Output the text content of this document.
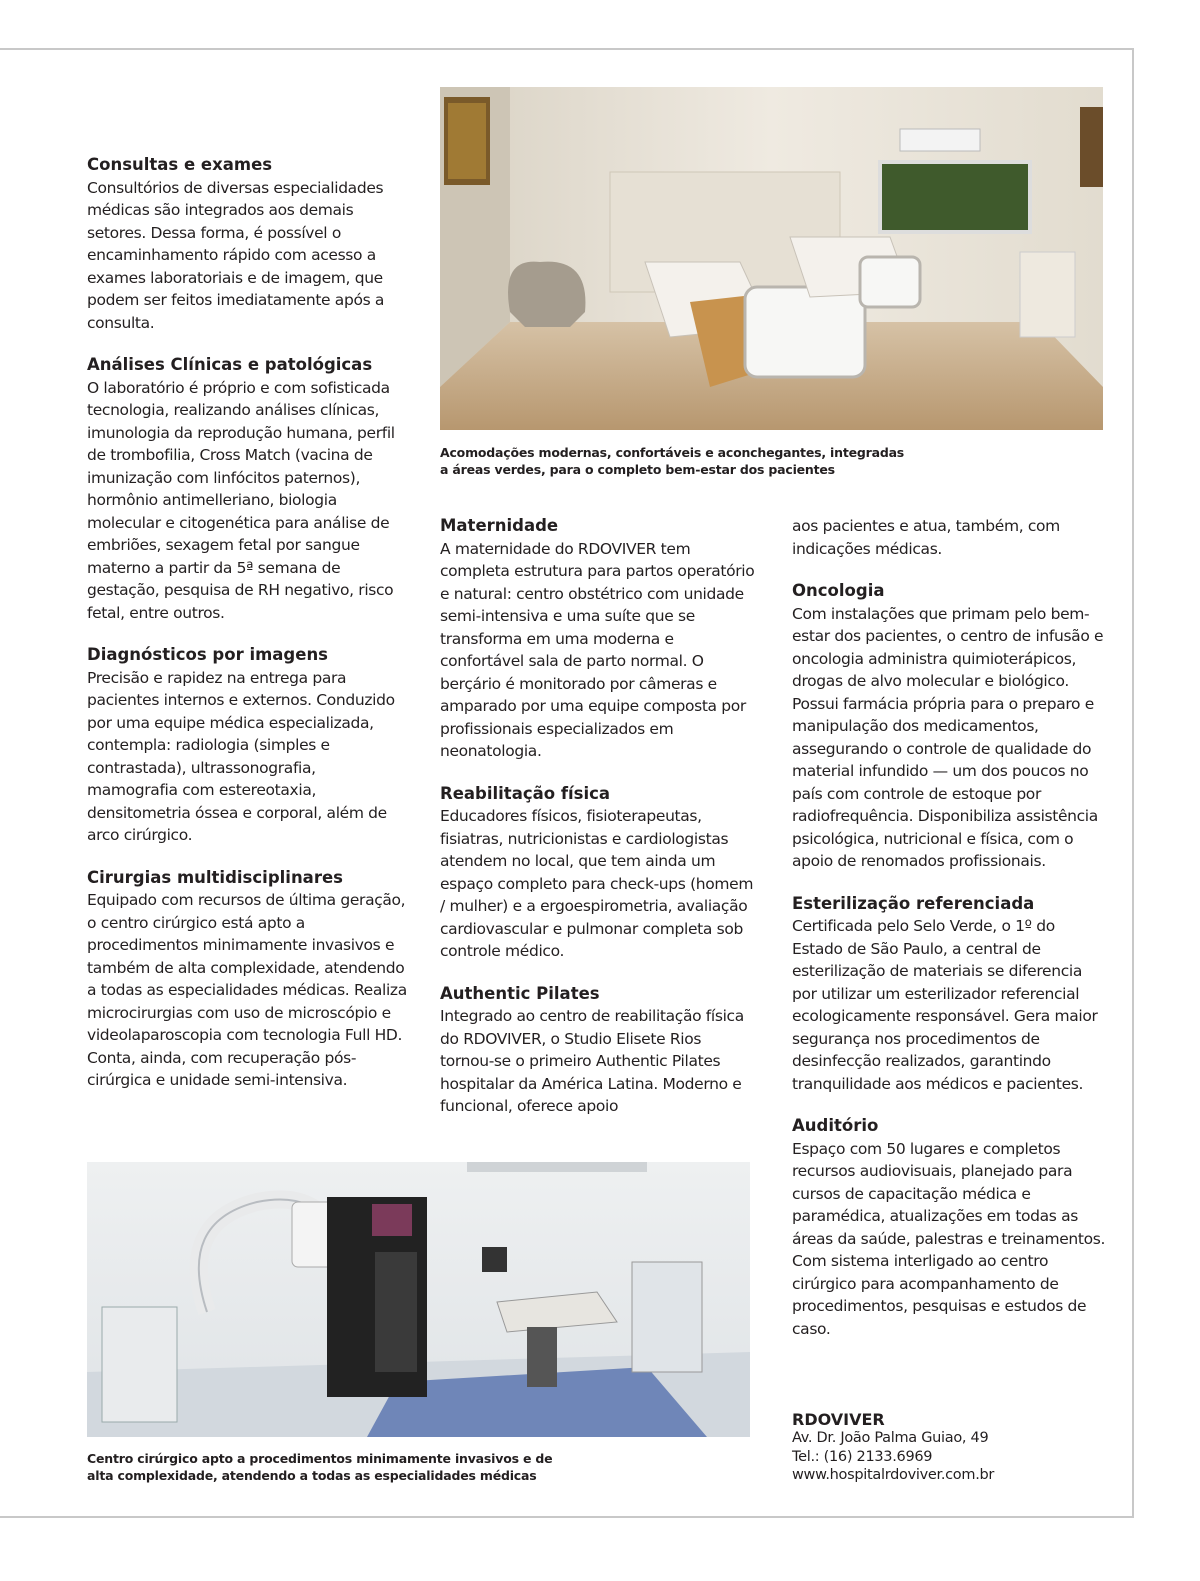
Acomodações modernas, confortáveis e aconchegantes, integradas a áreas verdes, para o completo bem-estar dos pacientes
Consultas e exames

Consultórios de diversas especialidades médicas são integrados aos demais setores. Dessa forma, é possível o encaminhamento rápido com acesso a exames laboratoriais e de imagem, que podem ser feitos imediatamente após a consulta.

Análises Clínicas e patológicas

O laboratório é próprio e com sofisticada tecnologia, realizando análises clínicas, imunologia da reprodução humana, perfil de trombofilia, Cross Match (vacina de imunização com linfócitos paternos), hormônio antimelleriano, biologia molecular e citogenética para análise de embriões, sexagem fetal por sangue materno a partir da 5ª semana de gestação, pesquisa de RH negativo, risco fetal, entre outros.

Diagnósticos por imagens

Precisão e rapidez na entrega para pacientes internos e externos. Conduzido por uma equipe médica especializada, contempla: radiologia (simples e contrastada), ultrassonografia, mamografia com estereotaxia, densitometria óssea e corporal, além de arco cirúrgico.

Cirurgias multidisciplinares

Equipado com recursos de última geração, o centro cirúrgico está apto a procedimentos minimamente invasivos e também de alta complexidade, atendendo a todas as especialidades médicas. Realiza microcirurgias com uso de microscópio e videolaparoscopia com tecnologia Full HD. Conta, ainda, com recuperação pós-cirúrgica e unidade semi-intensiva.

Maternidade

A maternidade do RDOVIVER tem completa estrutura para partos operatório e natural: centro obstétrico com unidade semi-intensiva e uma suíte que se transforma em uma moderna e confortável sala de parto normal. O berçário é monitorado por câmeras e amparado por uma equipe composta por profissionais especializados em neonatologia.

Reabilitação física

Educadores físicos, fisioterapeutas, fisiatras, nutricionistas e cardiologistas atendem no local, que tem ainda um espaço completo para check-ups (homem / mulher) e a ergoespirometria, avaliação cardiovascular e pulmonar completa sob controle médico.

Authentic Pilates

Integrado ao centro de reabilitação física do RDOVIVER, o Studio Elisete Rios tornou-se o primeiro Authentic Pilates hospitalar da América Latina. Moderno e funcional, oferece apoio

aos pacientes e atua, também, com indicações médicas.

Oncologia

Com instalações que primam pelo bem-estar dos pacientes, o centro de infusão e oncologia administra quimioterápicos, drogas de alvo molecular e biológico. Possui farmácia própria para o preparo e manipulação dos medicamentos, assegurando o controle de qualidade do material infundido — um dos poucos no país com controle de estoque por radiofrequência. Disponibiliza assistência psicológica, nutricional e física, com o apoio de renomados profissionais.

Esterilização referenciada

Certificada pelo Selo Verde, o 1º do Estado de São Paulo, a central de esterilização de materiais se diferencia por utilizar um esterilizador referencial ecologicamente responsável. Gera maior segurança nos procedimentos de desinfecção realizados, garantindo tranquilidade aos médicos e pacientes.

Auditório

Espaço com 50 lugares e completos recursos audiovisuais, planejado para cursos de capacitação médica e paramédica, atualizações em todas as áreas da saúde, palestras e treinamentos. Com sistema interligado ao centro cirúrgico para acompanhamento de procedimentos, pesquisas e estudos de caso.

Centro cirúrgico apto a procedimentos minimamente invasivos e de alta complexidade, atendendo a todas as especialidades médicas
RDOVIVER
Av. Dr. João Palma Guiao, 49
Tel.: (16) 2133.6969
www.hospitalrdoviver.com.br
